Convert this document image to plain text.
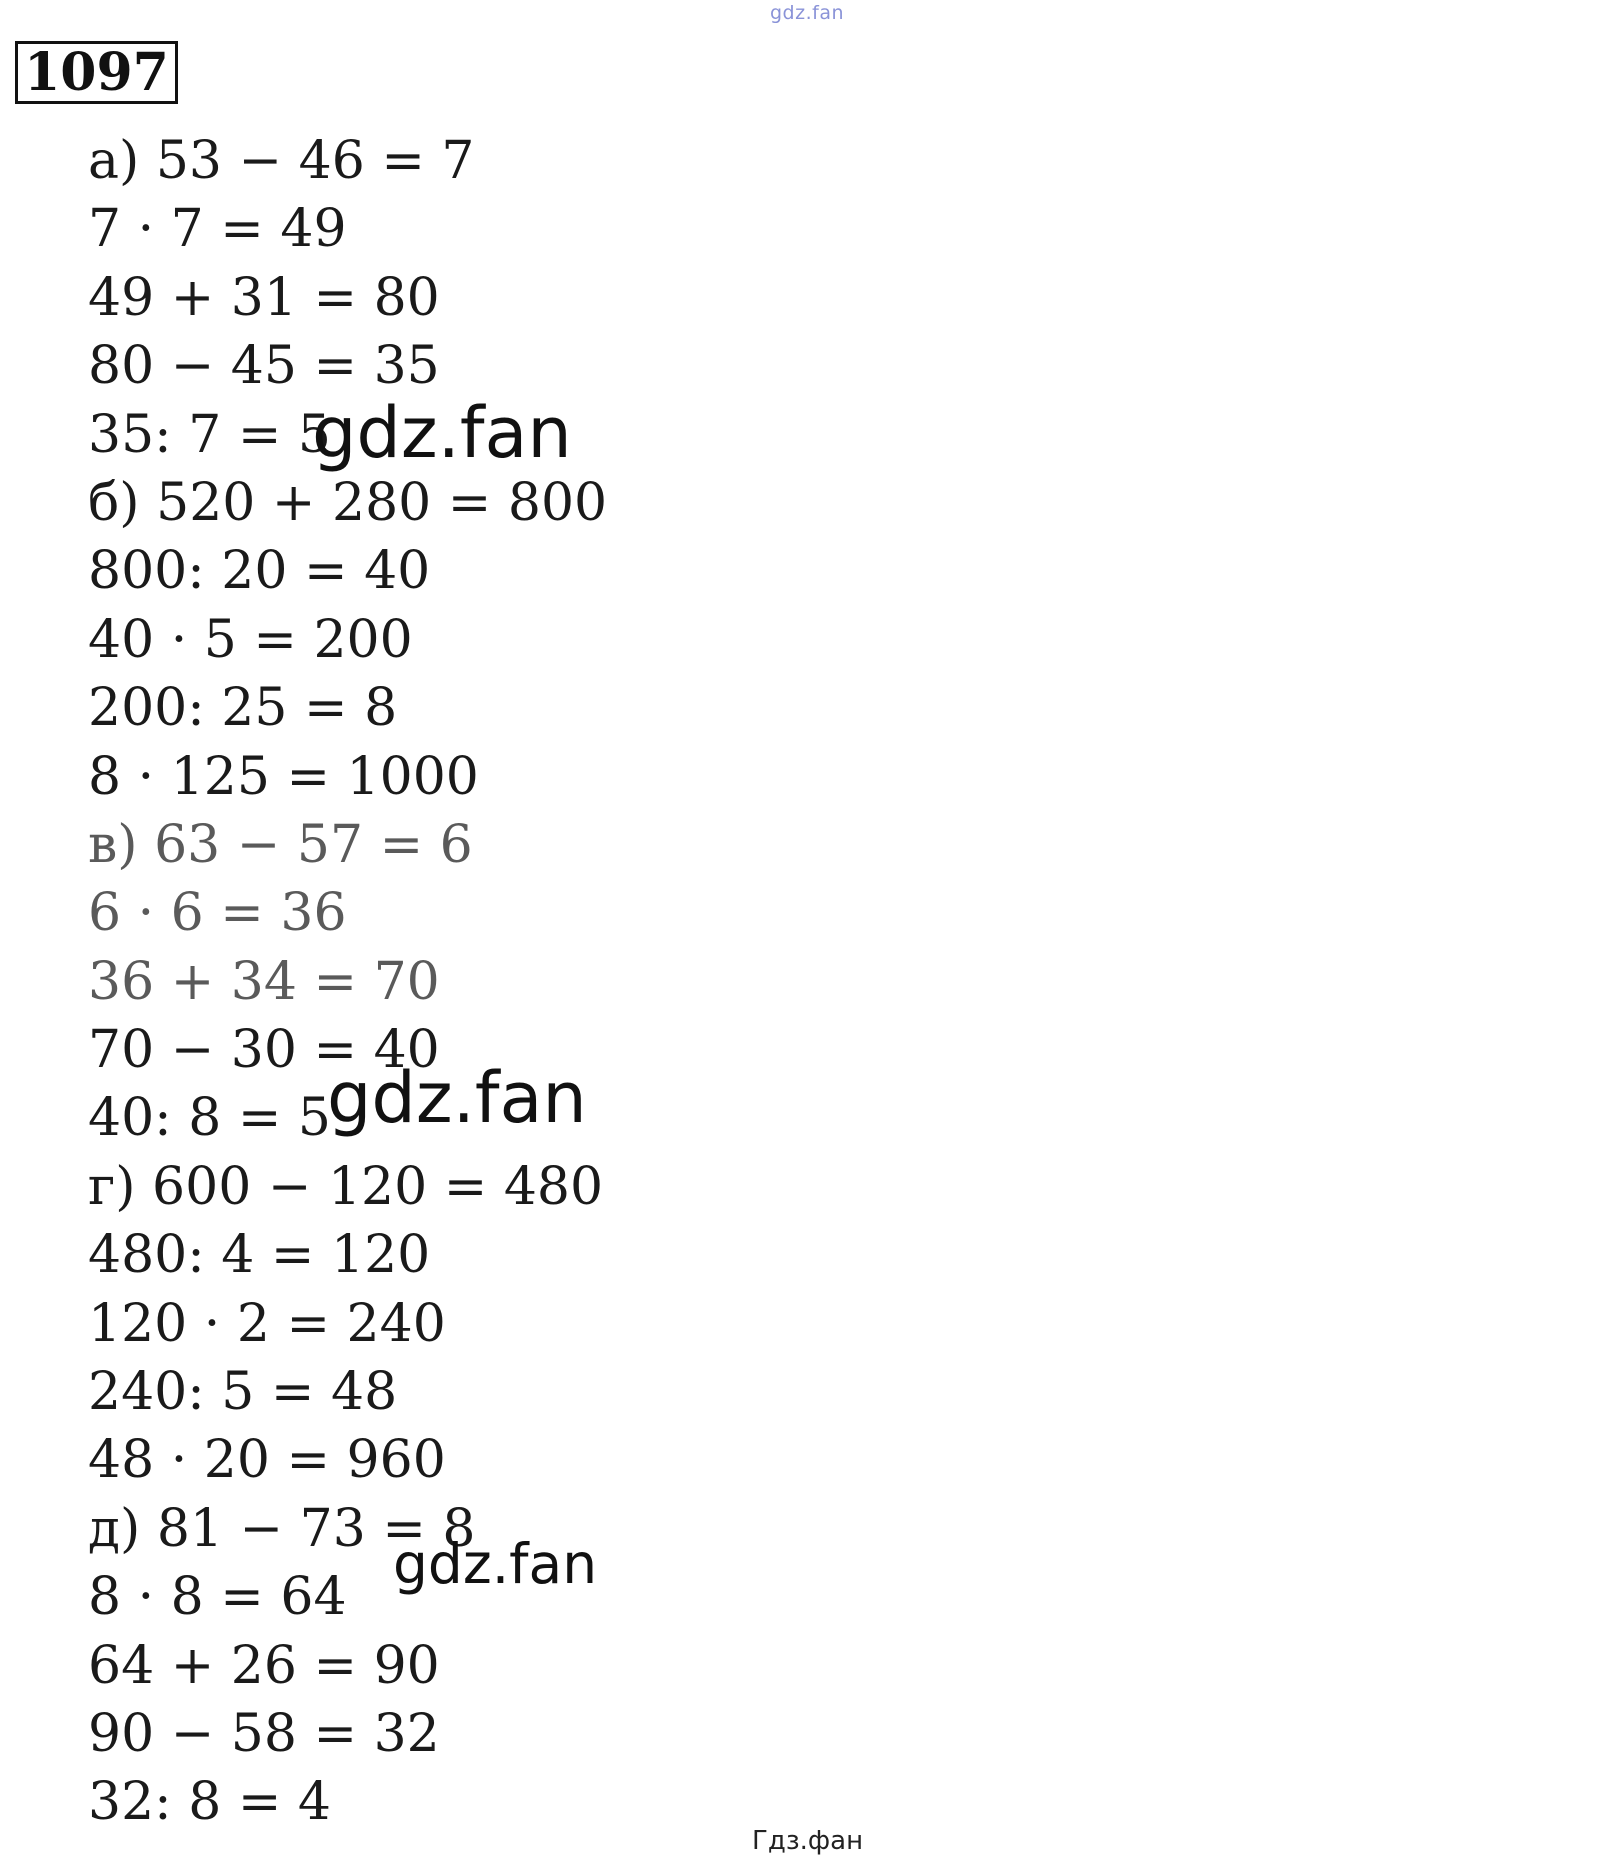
gdz.fan
1097
а) 53 − 46 = 7
7 · 7 = 49
49 + 31 = 80
80 − 45 = 35
35: 7 = 5
б) 520 + 280 = 800
800: 20 = 40
40 · 5 = 200
200: 25 = 8
8 · 125 = 1000
в) 63 − 57 = 6
6 · 6 = 36
36 + 34 = 70
70 − 30 = 40
40: 8 = 5
г) 600 − 120 = 480
480: 4 = 120
120 · 2 = 240
240: 5 = 48
48 · 20 = 960
д) 81 − 73 = 8
8 · 8 = 64
64 + 26 = 90
90 − 58 = 32
32: 8 = 4
gdz.fan
gdz.fan
gdz.fan
Гдз.фан
